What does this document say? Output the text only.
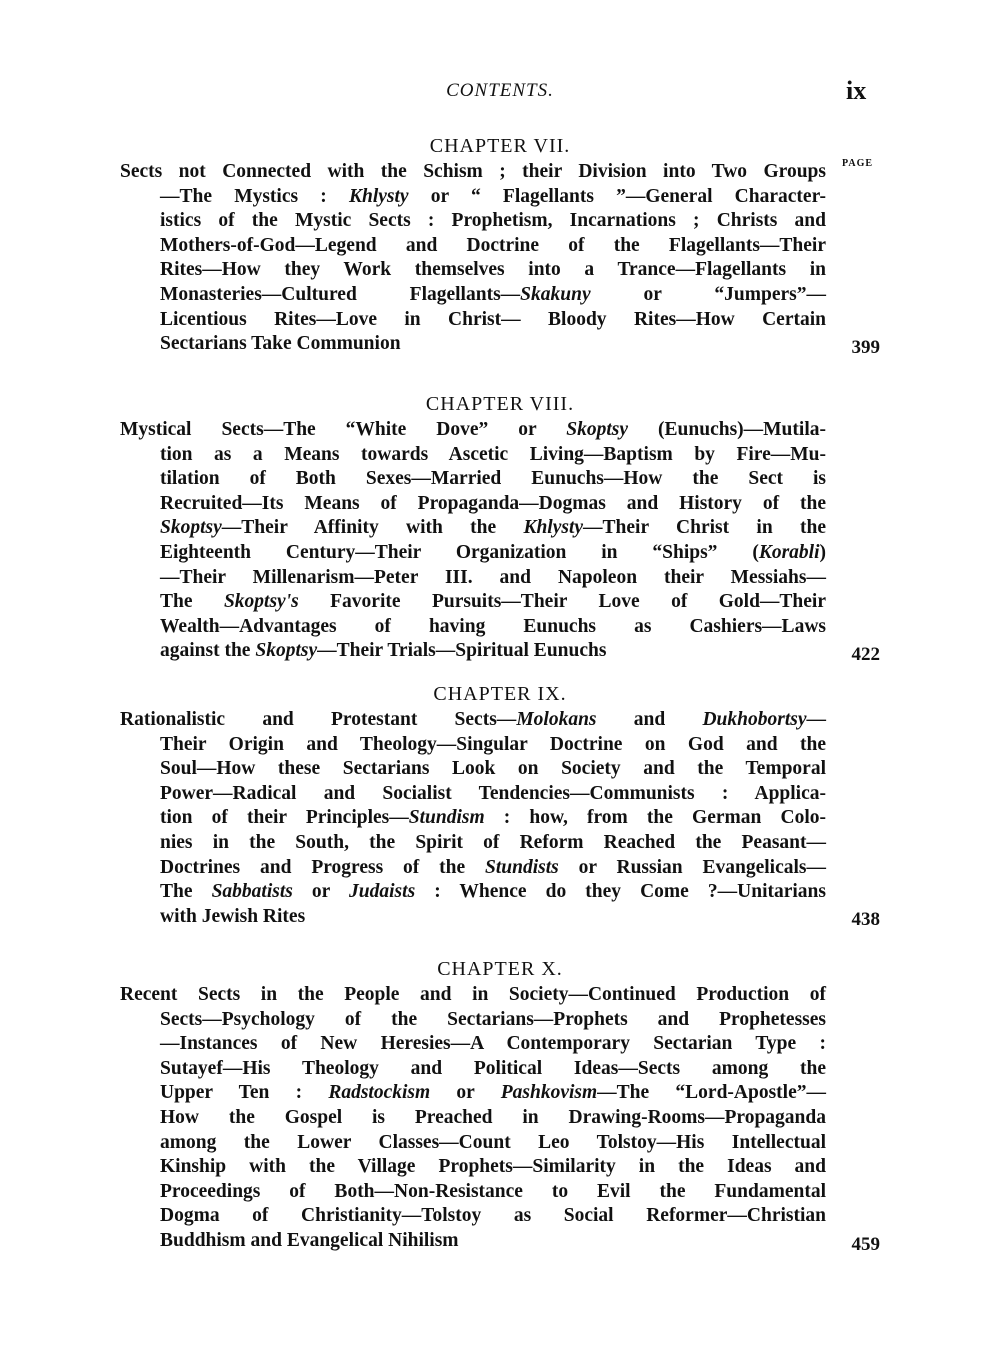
CONTENTS.	ix
CHAPTER VII.
PAGE
Sects not Connected with the Schism ; their Division into Two Groups
—The Mystics : Khlysty or “ Flagellants ”—General Character-
istics of the Mystic Sects : Prophetism, Incarnations ; Christs and
Mothers-of-God—Legend and Doctrine of the Flagellants—Their
Rites—How they Work themselves into a Trance—Flagellants in
Monasteries—Cultured Flagellants—Skakuny or “Jumpers”—
Licentious Rites—Love in Christ— Bloody Rites—How Certain
Sectarians Take Communion	399
CHAPTER VIII.
Mystical Sects—The “White Dove” or Skoptsy (Eunuchs)—Mutila-
tion as a Means towards Ascetic Living—Baptism by Fire—Mu-
tilation of Both Sexes—Married Eunuchs—How the Sect is
Recruited—Its Means of Propaganda—Dogmas and History of the
Skoptsy—Their Affinity with the Khlysty—Their Christ in the
Eighteenth Century—Their Organization in “Ships” (Korabli)
—Their Millenarism—Peter III. and Napoleon their Messiahs—
The Skoptsy's Favorite Pursuits—Their Love of Gold—Their
Wealth—Advantages of having Eunuchs as Cashiers—Laws
against the Skoptsy—Their Trials—Spiritual Eunuchs	422
CHAPTER IX.
Rationalistic and Protestant Sects—Molokans and Dukhobortsy—
Their Origin and Theology—Singular Doctrine on God and the
Soul—How these Sectarians Look on Society and the Temporal
Power—Radical and Socialist Tendencies—Communists : Applica-
tion of their Principles—Stundism : how, from the German Colo-
nies in the South, the Spirit of Reform Reached the Peasant—
Doctrines and Progress of the Stundists or Russian Evangelicals—
The Sabbatists or Judaists : Whence do they Come ?—Unitarians
with Jewish Rites	438
CHAPTER X.
Recent Sects in the People and in Society—Continued Production of
Sects—Psychology of the Sectarians—Prophets and Prophetesses
—Instances of New Heresies—A Contemporary Sectarian Type :
Sutayef—His Theology and Political Ideas—Sects among the
Upper Ten : Radstockism or Pashkovism—The “Lord-Apostle”—
How the Gospel is Preached in Drawing-Rooms—Propaganda
among the Lower Classes—Count Leo Tolstoy—His Intellectual
Kinship with the Village Prophets—Similarity in the Ideas and
Proceedings of Both—Non-Resistance to Evil the Fundamental
Dogma of Christianity—Tolstoy as Social Reformer—Christian
Buddhism and Evangelical Nihilism	459
